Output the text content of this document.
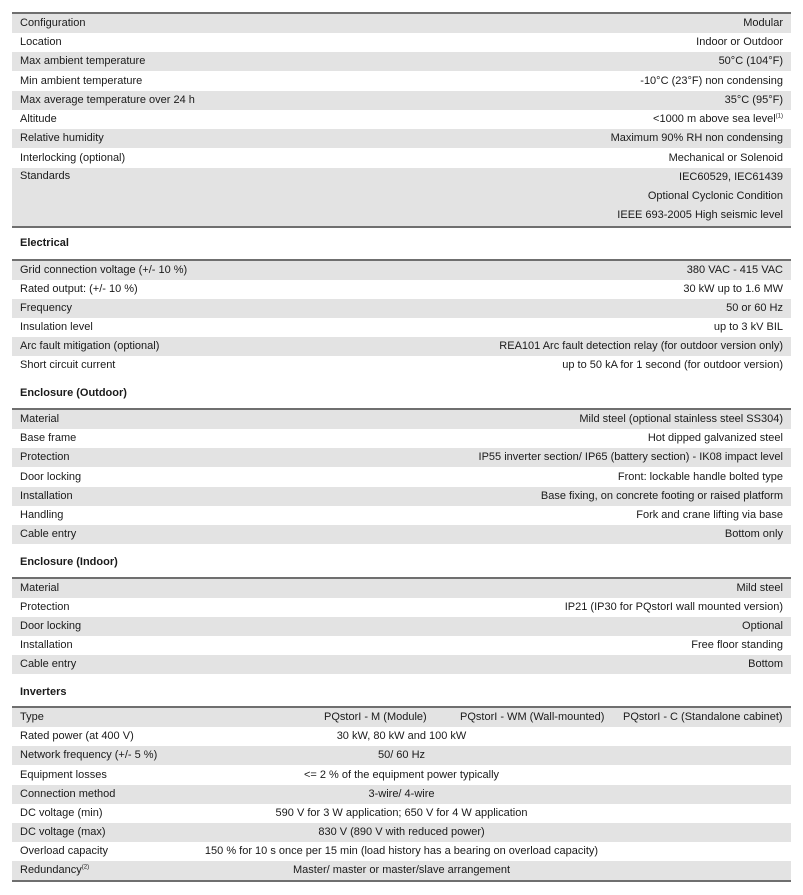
Configuration	Modular
Location	Indoor or Outdoor
Max ambient temperature	50°C (104°F)
Min ambient temperature	-10°C (23°F) non condensing
Max average temperature over 24 h	35°C (95°F)
Altitude	<1000 m above sea level$^{(1)}$
Relative humidity	Maximum 90% RH non condensing
Interlocking (optional)	Mechanical or Solenoid
Standards	IEC60529, IEC61439
Optional Cyclonic Condition
IEEE 693-2005 High seismic level
Electrical
Grid connection voltage (+/- 10 %)	380 VAC - 415 VAC
Rated output: (+/- 10 %)	30 kW up to 1.6 MW
Frequency	50 or 60 Hz
Insulation level	up to 3 kV BIL
Arc fault mitigation (optional)	REA101 Arc fault detection relay (for outdoor version only)
Short circuit current	up to 50 kA for 1 second (for outdoor version)
Enclosure (Outdoor)
Material	Mild steel (optional stainless steel SS304)
Base frame	Hot dipped galvanized steel
Protection	IP55 inverter section/ IP65 (battery section) - IK08 impact level
Door locking	Front: lockable handle bolted type
Installation	Base fixing, on concrete footing or raised platform
Handling	Fork and crane lifting via base
Cable entry	Bottom only
Enclosure (Indoor)
Material	Mild steel
Protection	IP21 (IP30 for PQstorI wall mounted version)
Door locking	Optional
Installation	Free floor standing
Cable entry	Bottom
Inverters
Type	PQstorI - M (Module)	PQstorI - WM (Wall-mounted) PQstorI - C (Standalone cabinet)
Rated power (at 400 V)	30 kW, 80 kW and 100 kW
Network frequency (+/- 5 %)	50/ 60 Hz
Equipment losses	<= 2 % of the equipment power typically
Connection method	3-wire/ 4-wire
DC voltage (min)	590 V for 3 W application; 650 V for 4 W application
DC voltage (max)	830 V (890 V with reduced power)
Overload capacity	150 % for 10 s once per 15 min (load history has a bearing on overload capacity)
Redundancy$^{(2)}$	Master/ master or master/slave arrangement
